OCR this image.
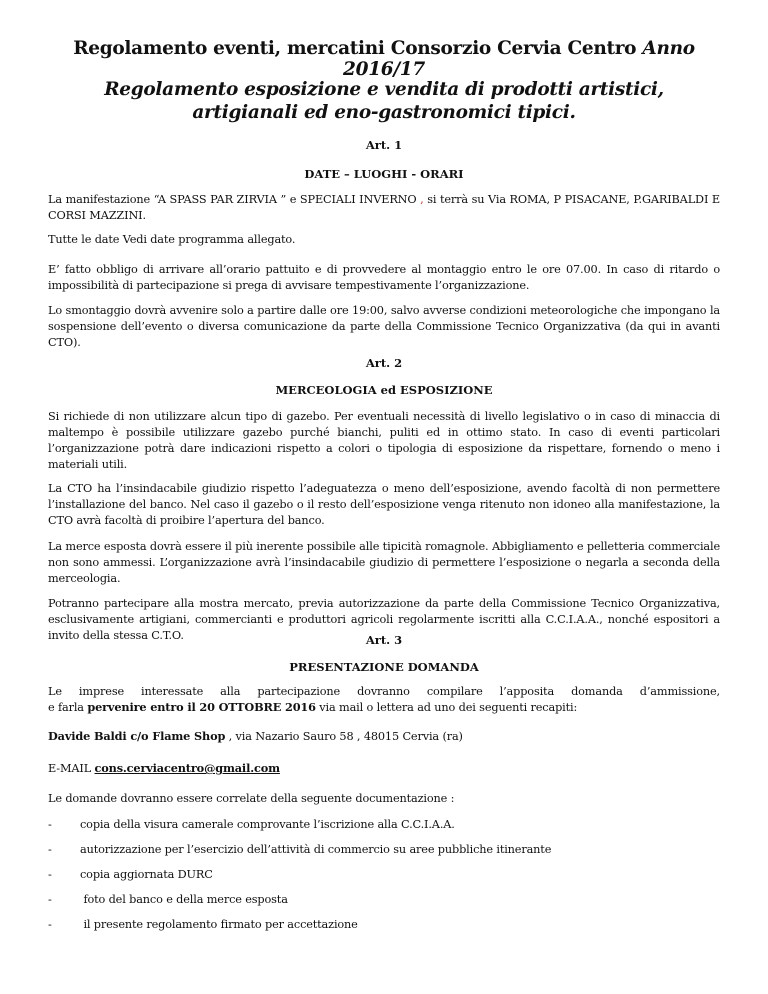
Regolamento eventi, mercatini Consorzio Cervia Centro Anno 2016/17
Regolamento esposizione e vendita di prodotti artistici, artigianali ed eno-gastronomici tipici.
Art. 1
DATE – LUOGHI - ORARI
La manifestazione “A SPASS PAR ZIRVIA ” e SPECIALI INVERNO , si terrà su Via ROMA, P PISACANE, P.GARIBALDI E CORSI MAZZINI.
Tutte le date Vedi date programma allegato.
E’ fatto obbligo di arrivare all’orario pattuito e di provvedere al montaggio entro le ore 07.00. In caso di ritardo o impossibilità di partecipazione si prega di avvisare tempestivamente l’organizzazione.
Lo smontaggio dovrà avvenire solo a partire dalle ore 19:00, salvo avverse condizioni meteorologiche che impongano la sospensione dell’evento o diversa comunicazione da parte della Commissione Tecnico Organizzativa (da qui in avanti CTO).
Art. 2
MERCEOLOGIA ed ESPOSIZIONE
Si richiede di non utilizzare alcun tipo di gazebo. Per eventuali necessità di livello legislativo o in caso di minaccia di maltempo è possibile utilizzare gazebo purché bianchi, puliti ed in ottimo stato. In caso di eventi particolari l’organizzazione potrà dare indicazioni rispetto a colori o tipologia di esposizione da rispettare, fornendo o meno i materiali utili.
La CTO ha l’insindacabile giudizio rispetto l’adeguatezza o meno dell’esposizione, avendo facoltà di non permettere l’installazione del banco. Nel caso il gazebo o il resto dell’esposizione venga ritenuto non idoneo alla manifestazione, la CTO avrà facoltà di proibire l’apertura del banco.
La merce esposta dovrà essere il più inerente possibile alle tipicità romagnole. Abbigliamento e pelletteria commerciale non sono ammessi. L’organizzazione avrà l’insindacabile giudizio di permettere l’esposizione o negarla a seconda della merceologia.
Potranno partecipare alla mostra mercato, previa autorizzazione da parte della Commissione Tecnico Organizzativa, esclusivamente artigiani, commercianti e produttori agricoli regolarmente iscritti alla C.C.I.A.A., nonché espositori a invito della stessa C.T.O.	Art. 3
PRESENTAZIONE DOMANDA
Le imprese interessate alla partecipazione dovranno compilare l’apposita domanda d’ammissione,
e farla pervenire entro il 20 OTTOBRE 2016 via mail o lettera ad uno dei seguenti recapiti:
Davide Baldi c/o Flame Shop , via Nazario Sauro 58 , 48015 Cervia (ra)
E-MAIL cons.cerviacentro@gmail.com
Le domande dovranno essere correlate della seguente documentazione :
- copia della visura camerale comprovante l’iscrizione alla C.C.I.A.A.
- autorizzazione per l’esercizio dell’attività di commercio su aree pubbliche itinerante
- copia aggiornata DURC
- foto del banco e della merce esposta
- il presente regolamento firmato per accettazione
